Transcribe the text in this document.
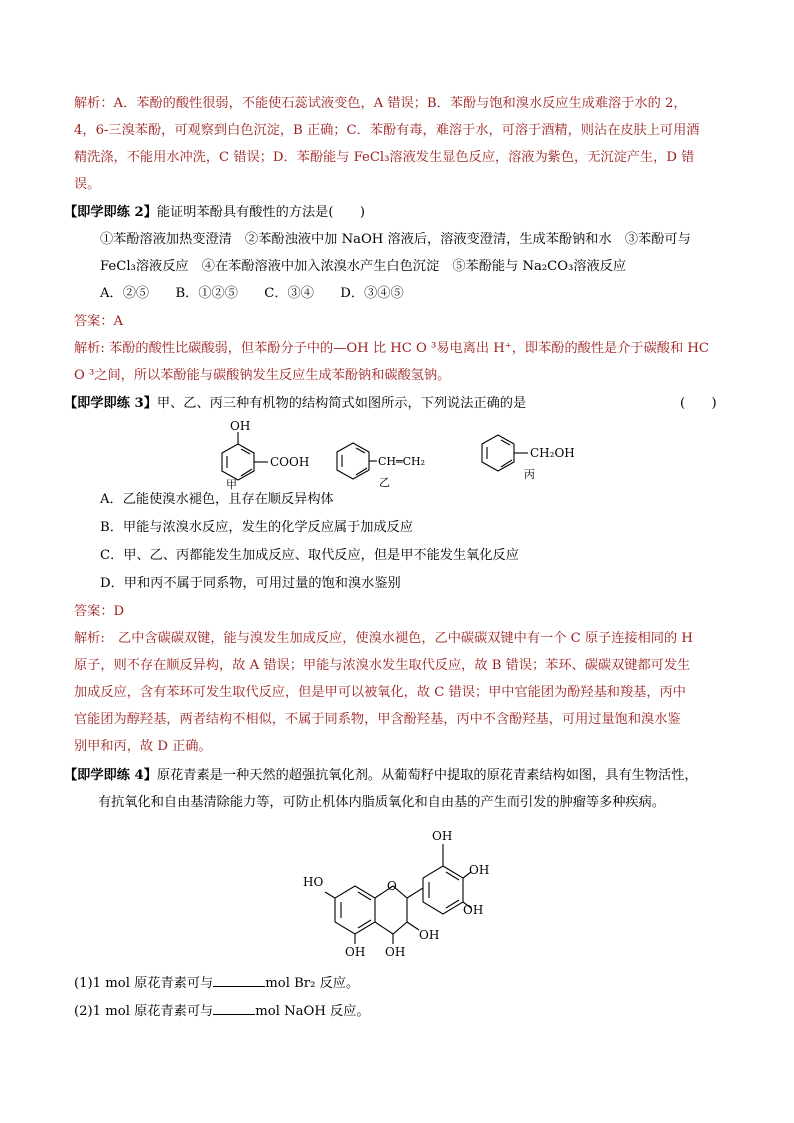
解析：A．苯酚的酸性很弱，不能使石蕊试液变色，A 错误；B．苯酚与饱和溴水反应生成难溶于水的 2，
4，6-三溴苯酚，可观察到白色沉淀，B 正确；C．苯酚有毒，难溶于水，可溶于酒精，则沾在皮肤上可用酒
精洗涤，不能用水冲洗，C 错误；D．苯酚能与 FeCl₃溶液发生显色反应，溶液为紫色，无沉淀产生，D 错
误。
【即学即练 2】能证明苯酚具有酸性的方法是(　　)
①苯酚溶液加热变澄清　②苯酚浊液中加 NaOH 溶液后，溶液变澄清，生成苯酚钠和水　③苯酚可与
FeCl₃溶液反应　④在苯酚溶液中加入浓溴水产生白色沉淀　⑤苯酚能与 Na₂CO₃溶液反应
A．②⑤　　B．①②⑤　　C．③④　　D．③④⑤
答案：A
解析: 苯酚的酸性比碳酸弱，但苯酚分子中的—OH 比 HC O ³易电离出 H⁺，即苯酚的酸性是介于碳酸和 HC
O ³之间，所以苯酚能与碳酸钠发生反应生成苯酚钠和碳酸氢钠。
【即学即练 3】甲、乙、丙三种有机物的结构简式如图所示，下列说法正确的是	(　　)
OH
COOH
甲
CH═CH₂
乙
CH₂OH
丙
A．乙能使溴水褪色，且存在顺反异构体
B．甲能与浓溴水反应，发生的化学反应属于加成反应
C．甲、乙、丙都能发生加成反应、取代反应，但是甲不能发生氧化反应
D．甲和丙不属于同系物，可用过量的饱和溴水鉴别
答案：D
解析:　乙中含碳碳双键，能与溴发生加成反应，使溴水褪色，乙中碳碳双键中有一个 C 原子连接相同的 H
原子，则不存在顺反异构，故 A 错误；甲能与浓溴水发生取代反应，故 B 错误；苯环、碳碳双键都可发生
加成反应，含有苯环可发生取代反应，但是甲可以被氧化，故 C 错误；甲中官能团为酚羟基和羧基，丙中
官能团为醇羟基，两者结构不相似，不属于同系物，甲含酚羟基，丙中不含酚羟基，可用过量饱和溴水鉴
别甲和丙，故 D 正确。
【即学即练 4】原花青素是一种天然的超强抗氧化剂。从葡萄籽中提取的原花青素结构如图，具有生物活性，
有抗氧化和自由基清除能力等，可防止机体内脂质氧化和自由基的产生而引发的肿瘤等多种疾病。
HO	O
OH
OH
OH
OH
OH OH
(1)1 mol 原花青素可与	mol Br₂ 反应。
(2)1 mol 原花青素可与	mol NaOH 反应。
